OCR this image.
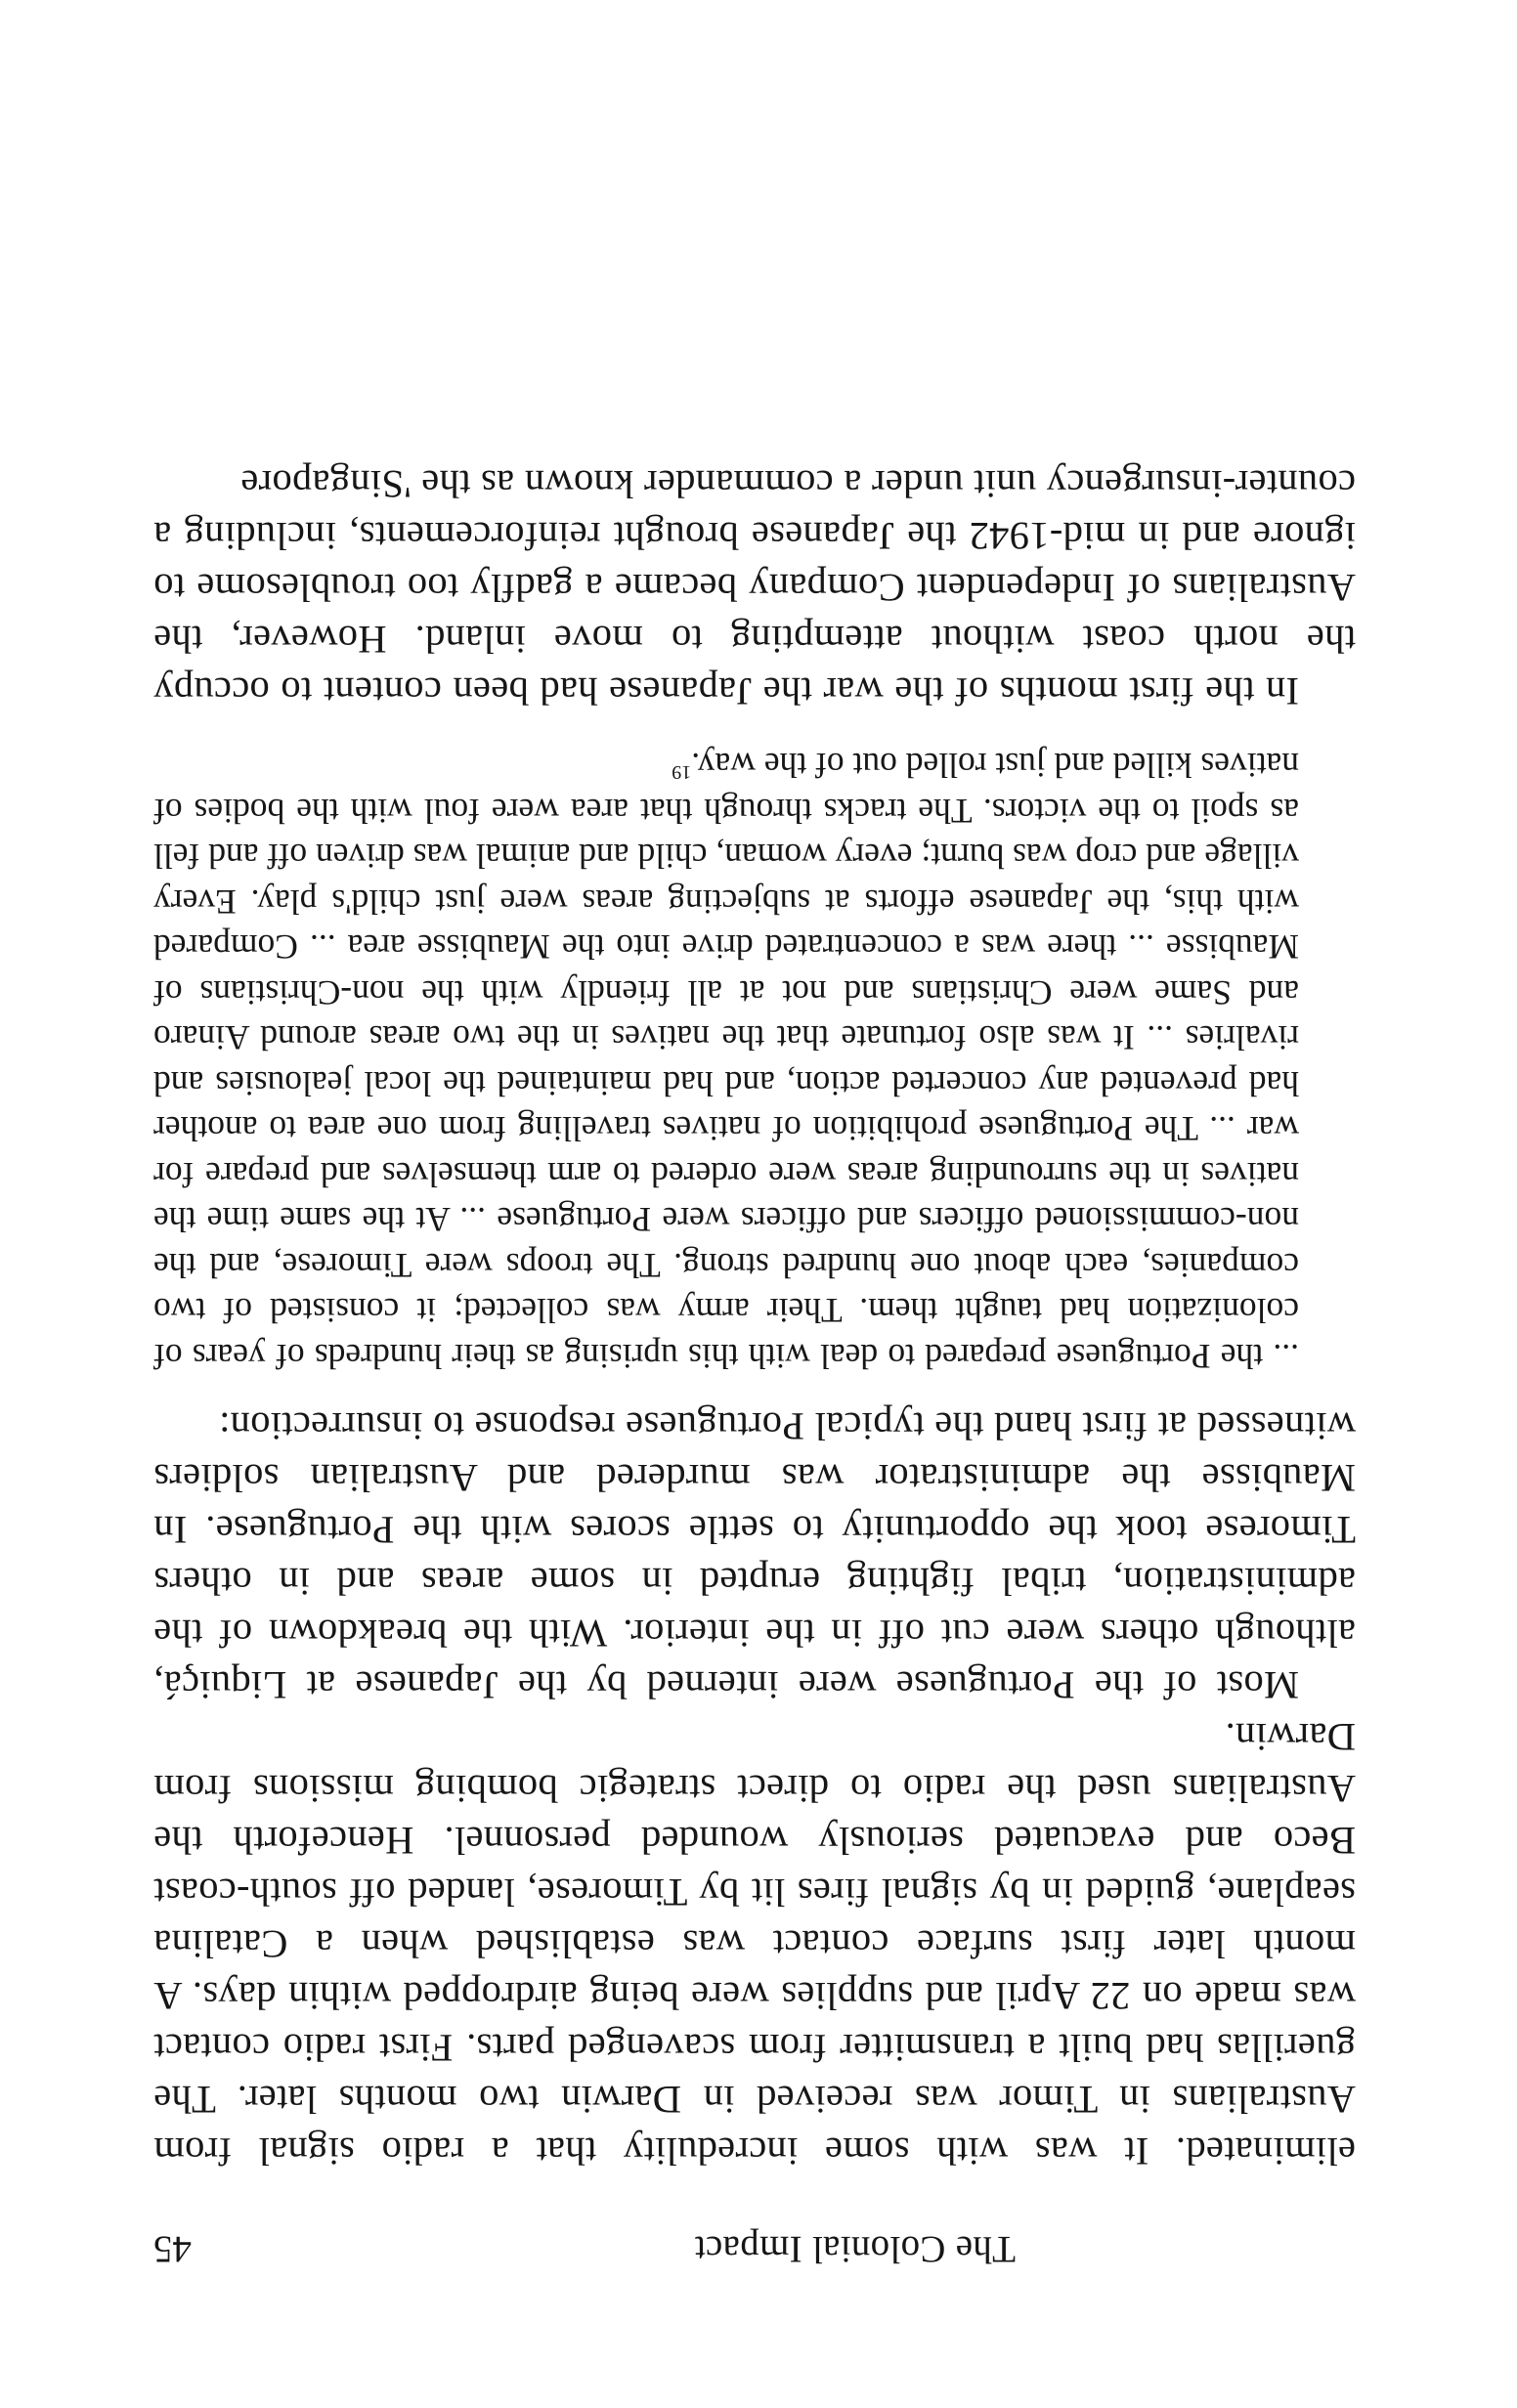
The Colonial Impact
45

eliminated. It was with some incredulity that a radio signal from Australians in Timor was received in Darwin two months later. The guerillas had built a transmitter from scavenged parts. First radio contact was made on 22 April and supplies were being airdropped within days. A month later first surface contact was established when a Catalina seaplane, guided in by signal fires lit by Timorese, landed off south-coast Beco and evacuated seriously wounded personnel. Henceforth the Australians used the radio to direct strategic bombing missions from Darwin.

Most of the Portuguese were interned by the Japanese at Liquiçá, although others were cut off in the interior. With the breakdown of the administration, tribal fighting erupted in some areas and in others Timorese took the opportunity to settle scores with the Portuguese. In Maubisse the administrator was murdered and Australian soldiers witnessed at first hand the typical Portuguese response to insurrection:

... the Portuguese prepared to deal with this uprising as their hundreds of years of colonization had taught them. Their army was collected; it consisted of two companies, each about one hundred strong. The troops were Timorese, and the non-commissioned officers and officers were Portuguese ... At the same time the natives in the surrounding areas were ordered to arm themselves and prepare for war ... The Portuguese prohibition of natives travelling from one area to another had prevented any concerted action, and had maintained the local jealousies and rivalries ... It was also fortunate that the natives in the two areas around Ainaro and Same were Christians and not at all friendly with the non-Christians of Maubisse ... there was a concentrated drive into the Maubisse area ... Compared with this, the Japanese efforts at subjecting areas were just child's play. Every village and crop was burnt; every woman, child and animal was driven off and fell as spoil to the victors. The tracks through that area were foul with the bodies of natives killed and just rolled out of the way.$^{19}$

In the first months of the war the Japanese had been content to occupy the north coast without attempting to move inland. However, the Australians of Independent Company became a gadfly too troublesome to ignore and in mid-1942 the Japanese brought reinforcements, including a counter-insurgency unit under a commander known as the 'Singapore
